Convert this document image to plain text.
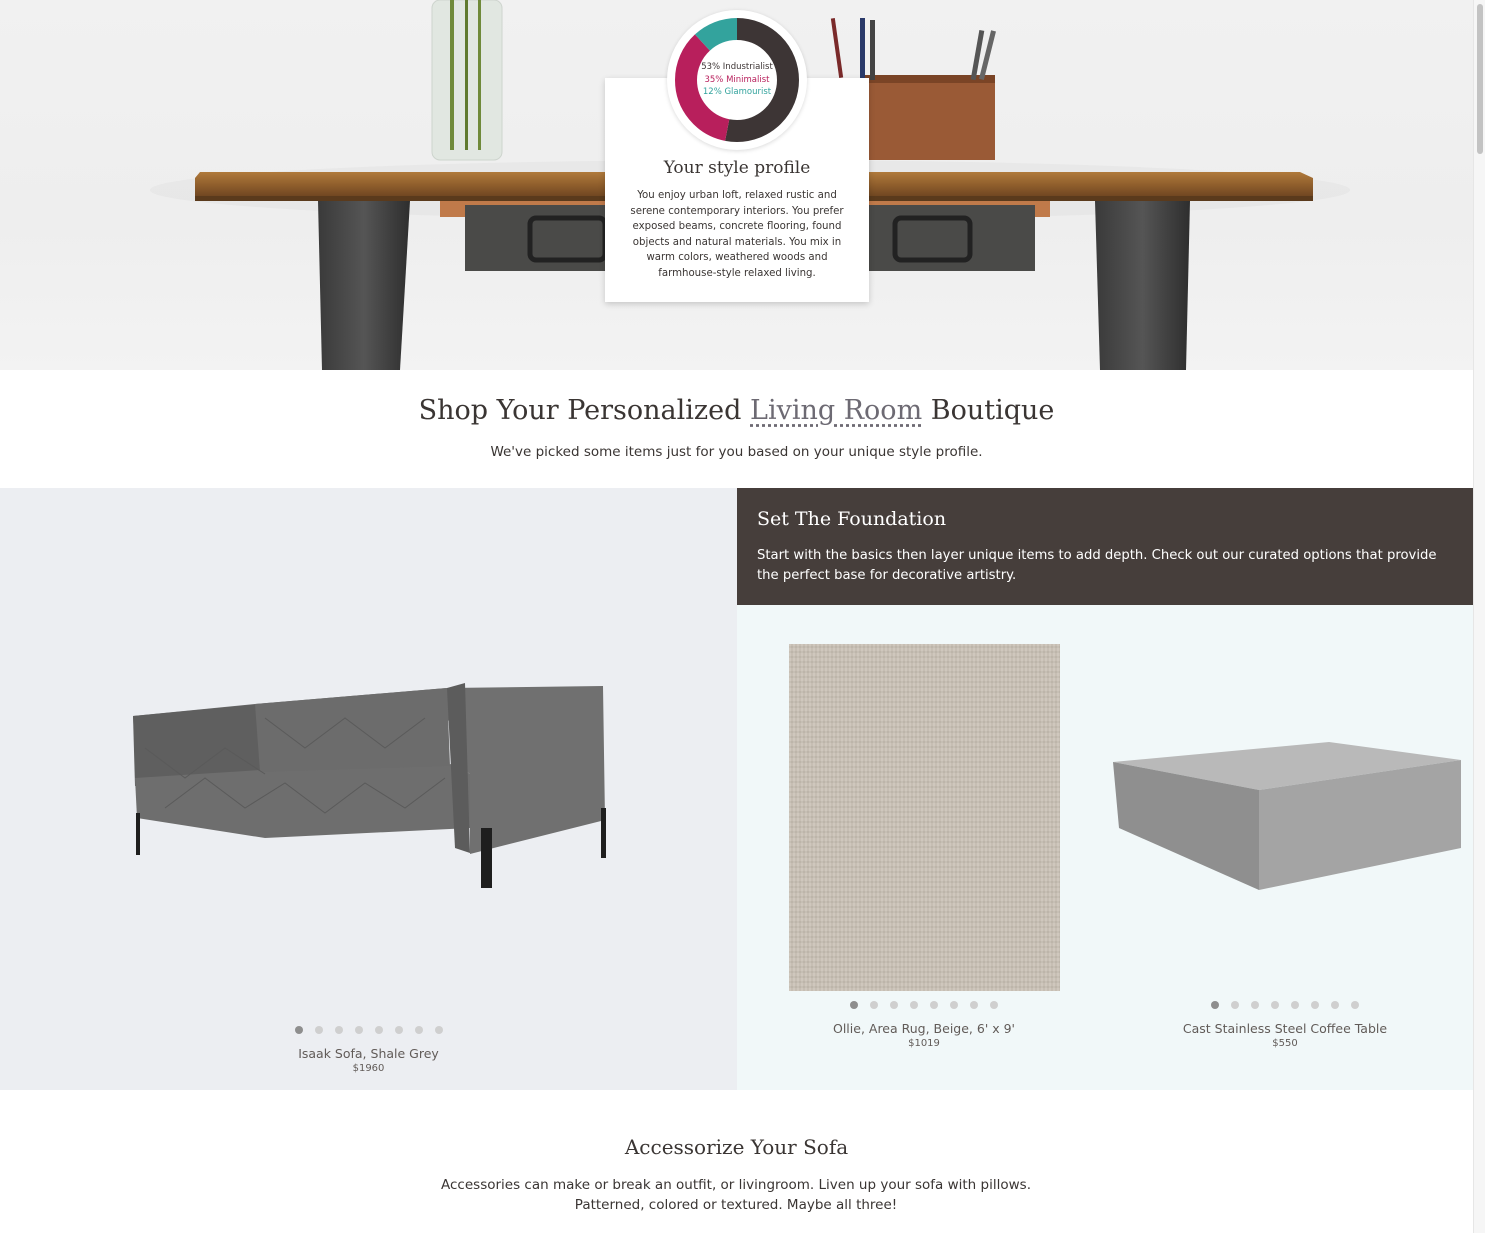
Your style profile
You enjoy urban loft, relaxed rustic and serene contemporary interiors. You prefer exposed beams, concrete flooring, found objects and natural materials. You mix in warm colors, weathered woods and farmhouse-style relaxed living.
53% Industrialist
35% Minimalist
12% Glamourist
Shop Your Personalized Living Room Boutique
We've picked some items just for you based on your unique style profile.
Isaak Sofa, Shale Grey
$1960
Set The Foundation
Start with the basics then layer unique items to add depth. Check out our curated options that provide the perfect base for decorative artistry.
Ollie, Area Rug, Beige, 6' x 9'
$1019
Cast Stainless Steel Coffee Table
$550
Accessorize Your Sofa
Accessories can make or break an outfit, or livingroom. Liven up your sofa with pillows. Patterned, colored or textured. Maybe all three!
